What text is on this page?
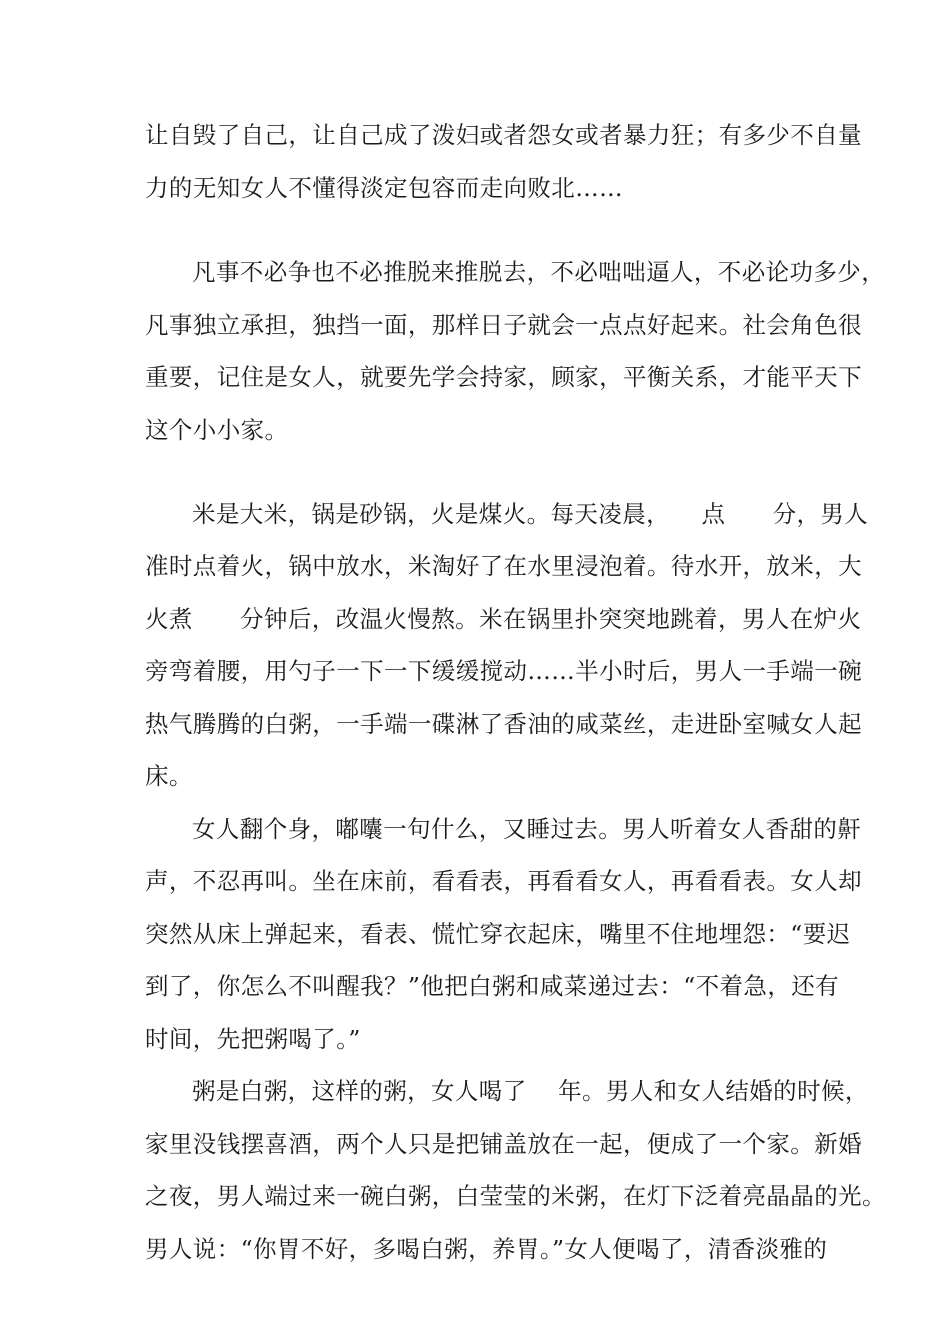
让自毁了自己，让自己成了泼妇或者怨女或者暴力狂；有多少不自量
力的无知女人不懂得淡定包容而走向败北……
凡事不必争也不必推脱来推脱去，不必咄咄逼人，不必论功多少，
凡事独立承担，独挡一面，那样日子就会一点点好起来。社会角色很
重要，记住是女人，就要先学会持家，顾家，平衡关系，才能平天下
这个小小家。
米是大米，锅是砂锅，火是煤火。每天凌晨，    点      分，男人
准时点着火，锅中放水，米淘好了在水里浸泡着。待水开，放米，大
火煮      分钟后，改温火慢熬。米在锅里扑突突地跳着，男人在炉火
旁弯着腰，用勺子一下一下缓缓搅动……半小时后，男人一手端一碗
热气腾腾的白粥，一手端一碟淋了香油的咸菜丝，走进卧室喊女人起
床。
女人翻个身，嘟囔一句什么，又睡过去。男人听着女人香甜的鼾
声，不忍再叫。坐在床前，看看表，再看看女人，再看看表。女人却
突然从床上弹起来，看表、慌忙穿衣起床，嘴里不住地埋怨：“要迟
到了，你怎么不叫醒我？”他把白粥和咸菜递过去：“不着急，还有
时间，先把粥喝了。”
粥是白粥，这样的粥，女人喝了    年。男人和女人结婚的时候，
家里没钱摆喜酒，两个人只是把铺盖放在一起，便成了一个家。新婚
之夜，男人端过来一碗白粥，白莹莹的米粥，在灯下泛着亮晶晶的光。
男人说：“你胃不好，多喝白粥，养胃。”女人便喝了，清香淡雅的
